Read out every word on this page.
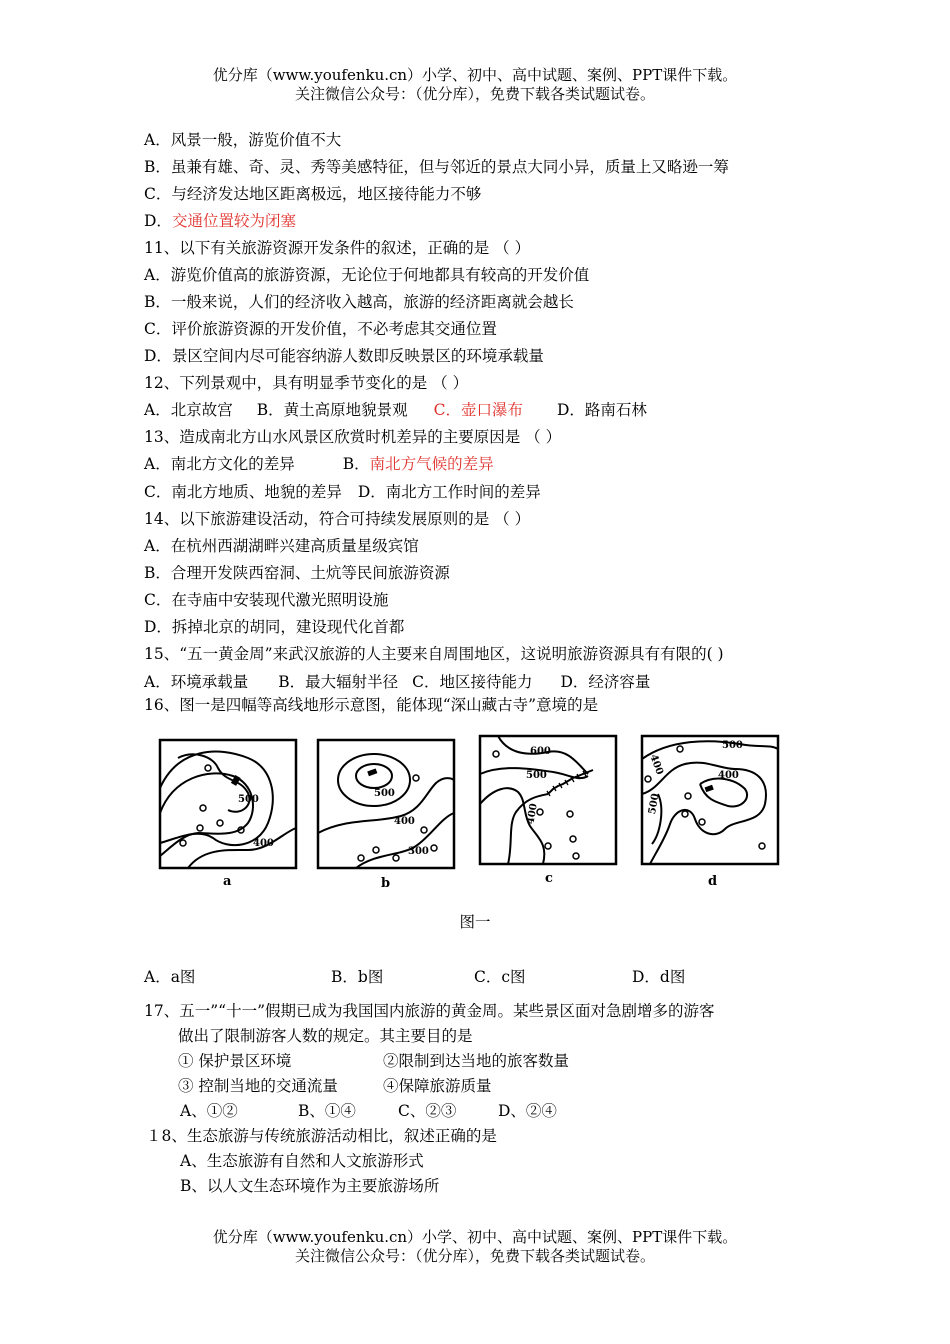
优分库（www.youfenku.cn）小学、初中、高中试题、案例、PPT课件下载。
关注微信公众号：（优分库），免费下载各类试题试卷。
A．风景一般，游览价值不大
B．虽兼有雄、奇、灵、秀等美感特征，但与邻近的景点大同小异，质量上又略逊一筹
C．与经济发达地区距离极远，地区接待能力不够
D．交通位置较为闭塞
11、以下有关旅游资源开发条件的叙述，正确的是 （ ）
A．游览价值高的旅游资源，无论位于何地都具有较高的开发价值
B．一般来说，人们的经济收入越高，旅游的经济距离就会越长
C．评价旅游资源的开发价值，不必考虑其交通位置
D．景区空间内尽可能容纳游人数即反映景区的环境承载量
12、下列景观中，具有明显季节变化的是 （ ）
A．北京故宫 B．黄土高原地貌景观 C．壶口瀑布 D．路南石林
13、造成南北方山水风景区欣赏时机差异的主要原因是 （ ）
A．南北方文化的差异	B．南北方气候的差异
C．南北方地质、地貌的差异 D．南北方工作时间的差异
14、以下旅游建设活动，符合可持续发展原则的是 （ ）
A．在杭州西湖湖畔兴建高质量星级宾馆
B．合理开发陕西窑洞、土炕等民间旅游资源
C．在寺庙中安装现代激光照明设施
D．拆掉北京的胡同，建设现代化首都
15、“五一黄金周”来武汉旅游的人主要来自周围地区，这说明旅游资源具有有限的( )
A．环境承载量 B．最大辐射半径 C．地区接待能力 D．经济容量
16、图一是四幅等高线地形示意图，能体现“深山藏古寺”意境的是
500
400
a
500
400
300
b
600
500
400
c
500
400
400
500
d
图一
A．a图	B．b图	C．c图	D．d图
17、五一”“十一”假期已成为我国国内旅游的黄金周。某些景区面对急剧增多的游客
做出了限制游客人数的规定。其主要目的是
① 保护景区环境	②限制到达当地的旅客数量
③ 控制当地的交通流量	④保障旅游质量
A、①②	B、①④	C、②③	D、②④
１8、生态旅游与传统旅游活动相比，叙述正确的是
A、生态旅游有自然和人文旅游形式
B、以人文生态环境作为主要旅游场所
优分库（www.youfenku.cn）小学、初中、高中试题、案例、PPT课件下载。
关注微信公众号：（优分库），免费下载各类试题试卷。
